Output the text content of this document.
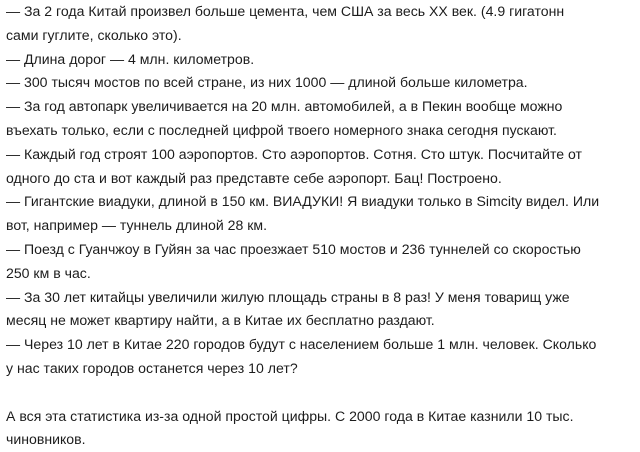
— За 2 года Китай произвел больше цемента, чем США за весь ХХ век. (4.9 гигатонн
сами гуглите, сколько это).
— Длина дорог — 4 млн. километров.
— 300 тысяч мостов по всей стране, из них 1000 — длиной больше километра.
— За год автопарк увеличивается на 20 млн. автомобилей, а в Пекин вообще можно
въехать только, если с последней цифрой твоего номерного знака сегодня пускают.
— Каждый год строят 100 аэропортов. Сто аэропортов. Сотня. Сто штук. Посчитайте от
одного до ста и вот каждый раз представте себе аэропорт. Бац! Построено.
— Гигантские виадуки, длиной в 150 км. ВИАДУКИ! Я виадуки только в Simcity видел. Или
вот, например — туннель длиной 28 км.
— Поезд с Гуанчжоу в Гуйян за час проезжает 510 мостов и 236 туннелей со скоростью
250 км в час.
— За 30 лет китайцы увеличили жилую площадь страны в 8 раз! У меня товарищ уже
месяц не может квартиру найти, а в Китае их бесплатно раздают.
— Через 10 лет в Китае 220 городов будут с населением больше 1 млн. человек. Сколько
у нас таких городов останется через 10 лет?
А вся эта статистика из-за одной простой цифры. С 2000 года в Китае казнили 10 тыс.
чиновников.
